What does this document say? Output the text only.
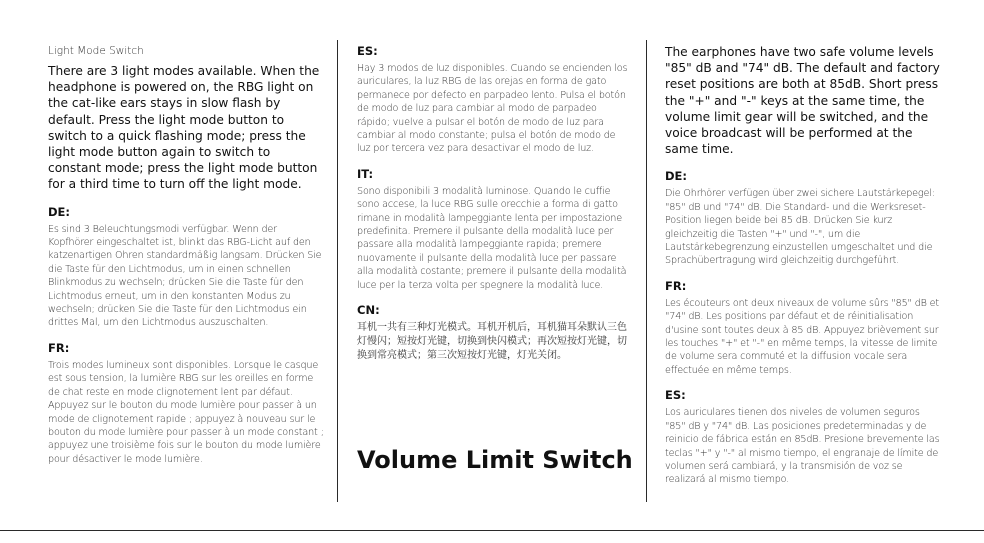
Light Mode Switch

There are 3 light modes available. When the headphone is powered on, the RBG light on the cat-like ears stays in slow flash by default. Press the light mode button to switch to a quick flashing mode; press the light mode button again to switch to constant mode; press the light mode button for a third time to turn off the light mode.

DE:

Es sind 3 Beleuchtungsmodi verfügbar. Wenn der Kopfhörer eingeschaltet ist, blinkt das RBG-Licht auf den katzenartigen Ohren standardmäßig langsam. Drücken Sie die Taste für den Lichtmodus, um in einen schnellen Blinkmodus zu wechseln; drücken Sie die Taste für den Lichtmodus erneut, um in den konstanten Modus zu wechseln; drücken Sie die Taste für den Lichtmodus ein drittes Mal, um den Lichtmodus auszuschalten.

FR:

Trois modes lumineux sont disponibles. Lorsque le casque est sous tension, la lumière RBG sur les oreilles en forme de chat reste en mode clignotement lent par défaut. Appuyez sur le bouton du mode lumière pour passer à un mode de clignotement rapide ; appuyez à nouveau sur le bouton du mode lumière pour passer à un mode constant ; appuyez une troisième fois sur le bouton du mode lumière pour désactiver le mode lumière.

ES:

Hay 3 modos de luz disponibles. Cuando se encienden los auriculares, la luz RBG de las orejas en forma de gato permanece por defecto en parpadeo lento. Pulsa el botón de modo de luz para cambiar al modo de parpadeo rápido; vuelve a pulsar el botón de modo de luz para cambiar al modo constante; pulsa el botón de modo de luz por tercera vez para desactivar el modo de luz.

IT:

Sono disponibili 3 modalità luminose. Quando le cuffie sono accese, la luce RBG sulle orecchie a forma di gatto rimane in modalità lampeggiante lenta per impostazione predefinita. Premere il pulsante della modalità luce per passare alla modalità lampeggiante rapida; premere nuovamente il pulsante della modalità luce per passare alla modalità costante; premere il pulsante della modalità luce per la terza volta per spegnere la modalità luce.

CN:

耳机一共有三种灯光模式。耳机开机后，耳机猫耳朵默认三色灯慢闪；短按灯光键，切换到快闪模式；再次短按灯光键，切换到常亮模式；第三次短按灯光键，灯光关闭。

Volume Limit Switch

The earphones have two safe volume levels "85" dB and "74" dB. The default and factory reset positions are both at 85dB. Short press the "+" and "-" keys at the same time, the volume limit gear will be switched, and the voice broadcast will be performed at the same time.

DE:

Die Ohrhörer verfügen über zwei sichere Lautstärkepegel: "85" dB und "74" dB. Die Standard- und die Werksreset-Position liegen beide bei 85 dB. Drücken Sie kurz gleichzeitig die Tasten "+" und "-", um die Lautstärkebegrenzung einzustellen umgeschaltet und die Sprachübertragung wird gleichzeitig durchgeführt.

FR:

Les écouteurs ont deux niveaux de volume sûrs "85" dB et "74" dB. Les positions par défaut et de réinitialisation d'usine sont toutes deux à 85 dB. Appuyez brièvement sur les touches "+" et "-" en même temps, la vitesse de limite de volume sera commuté et la diffusion vocale sera effectuée en même temps.

ES:

Los auriculares tienen dos niveles de volumen seguros "85" dB y "74" dB. Las posiciones predeterminadas y de reinicio de fábrica están en 85dB. Presione brevemente las teclas "+" y "-" al mismo tiempo, el engranaje de límite de volumen será cambiará, y la transmisión de voz se realizará al mismo tiempo.
